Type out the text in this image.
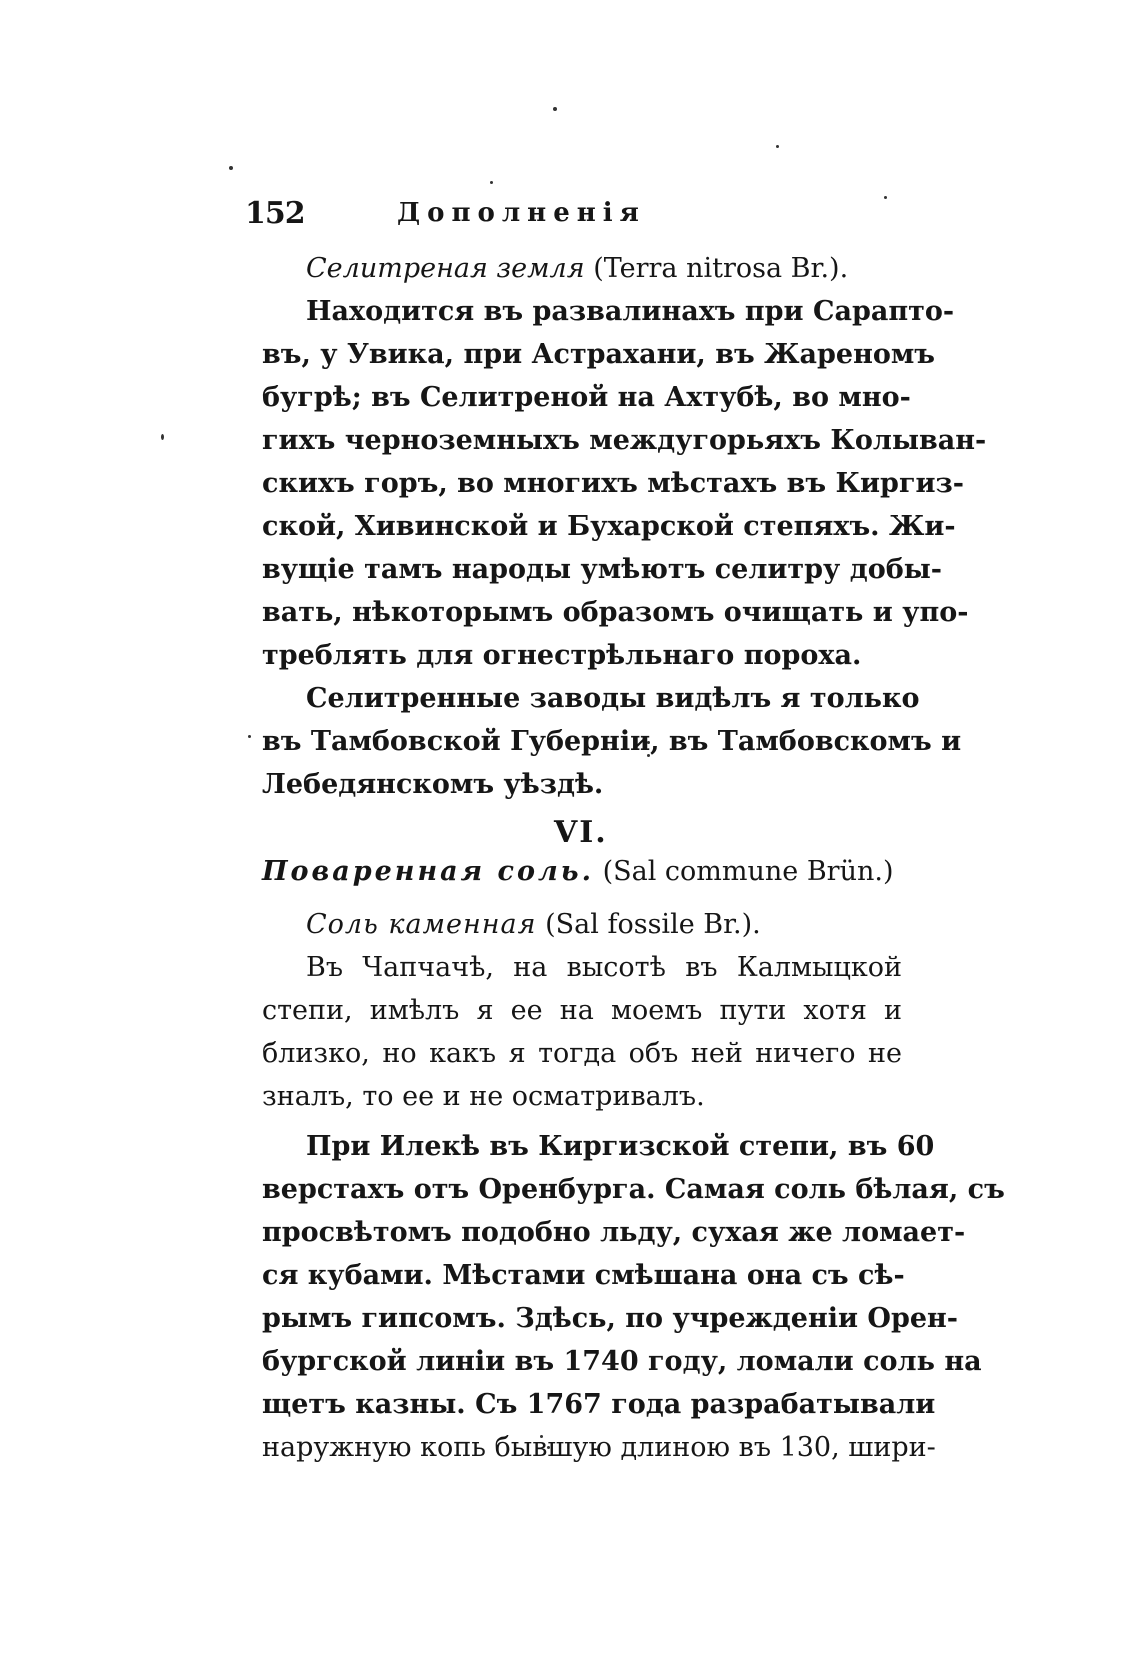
152	Дополненія
Селитреная земля (Terra nitrosa Br.).
Находится въ развалинахъ при Сарапто-
въ, у Увика, при Астрахани, въ Жареномъ
бугрѣ; въ Селитреной на Ахтубѣ, во мно-
гихъ черноземныхъ междугорьяхъ Колыван-
скихъ горъ, во многихъ мѣстахъ въ Киргиз-
ской, Хивинской и Бухарской степяхъ. Жи-
вущіе тамъ народы умѣютъ селитру добы-
вать, нѣкоторымъ образомъ очищать и упо-
треблять для огнестрѣльнаго пороха.
Селитренные заводы видѣлъ я только
въ Тамбовской Губерніи, въ Тамбовскомъ и
Лебедянскомъ уѣздѣ.
VI.
Поваренная соль. (Sal commune Brün.)
Соль каменная (Sal fossile Br.).
Въ Чапчачѣ, на высотѣ въ Калмыцкой
степи, имѣлъ я ее на моемъ пути хотя и
близко, но какъ я тогда объ ней ничего не
зналъ, то ее и не осматривалъ.
При Илекѣ въ Киргизской степи, въ 60
верстахъ отъ Оренбурга. Самая соль бѣлая, съ
просвѣтомъ подобно льду, сухая же ломает-
ся кубами. Мѣстами смѣшана она съ сѣ-
рымъ гипсомъ. Здѣсь, по учрежденіи Орен-
бургской линіи въ 1740 году, ломали соль на
щетъ казны. Съ 1767 года разрабатывали
наружную копь бывшую длиною въ 130, шири-
